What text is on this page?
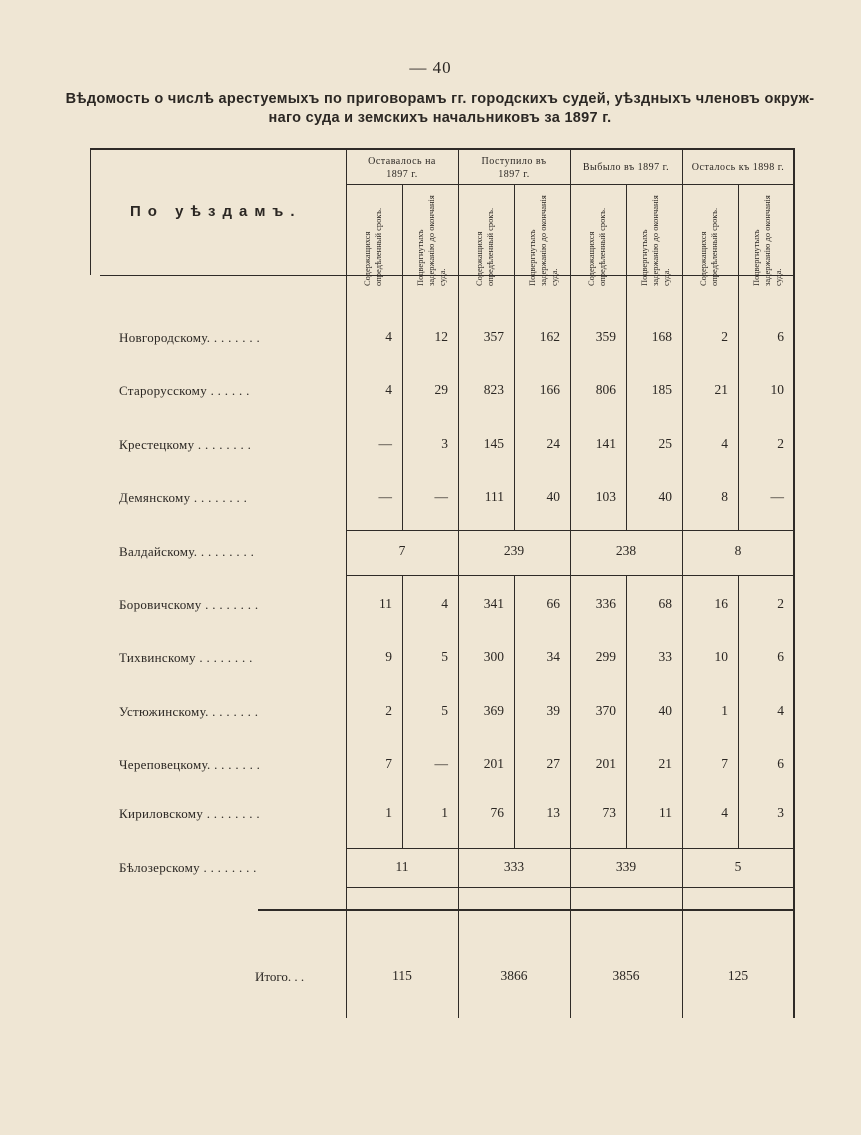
— 40
Вѣдомость о числѣ арестуемыхъ по приговорамъ гг. городскихъ судей, уѣздныхъ членовъ окруж-
наго суда и земскихъ начальниковъ за 1897 г.
Оставалось на
1897 г.
Поступило въ
1897 г.
Выбыло въ 1897 г.	Осталось къ 1898 г.
Содержащихся опредѣленный срокъ.	Подвергнутыхъ задержанію до окончанія суда.	Содержащихся опредѣленный срокъ.	Подвергнутыхъ задержанію до окончанія суда.	Содержащихся опредѣленный срокъ.	Подвергнутыхъ задержанію до окончанія суда.	Содержащихся опредѣленный срокъ.	Подвергнутыхъ задержанію до окончанія суда.
По уѣздамъ.
Новгородскому. . . . . . . .	4	12	357	162	359	168	2	6
Старорусскому . . . . . .	4	29	823	166	806	185	21	10
Крестецкому . . . . . . . .	—	3	145	24	141	25	4	2
Демянскому . . . . . . . .	—	—	111	40	103	40	8	—
Валдайскому. . . . . . . . .	7	239	238	8
Боровичскому . . . . . . . .	11	4	341	66	336	68	16	2
Тихвинскому . . . . . . . .	9	5	300	34	299	33	10	6
Устюжинскому. . . . . . . .	2	5	369	39	370	40	1	4
Череповецкому. . . . . . . .	7	—	201	27	201	21	7	6
Кириловскому . . . . . . . .	1	1	76	13	73	11	4	3
Бѣлозерскому . . . . . . . .	11	333	339	5
Итого. . .	115	3866	3856	125
